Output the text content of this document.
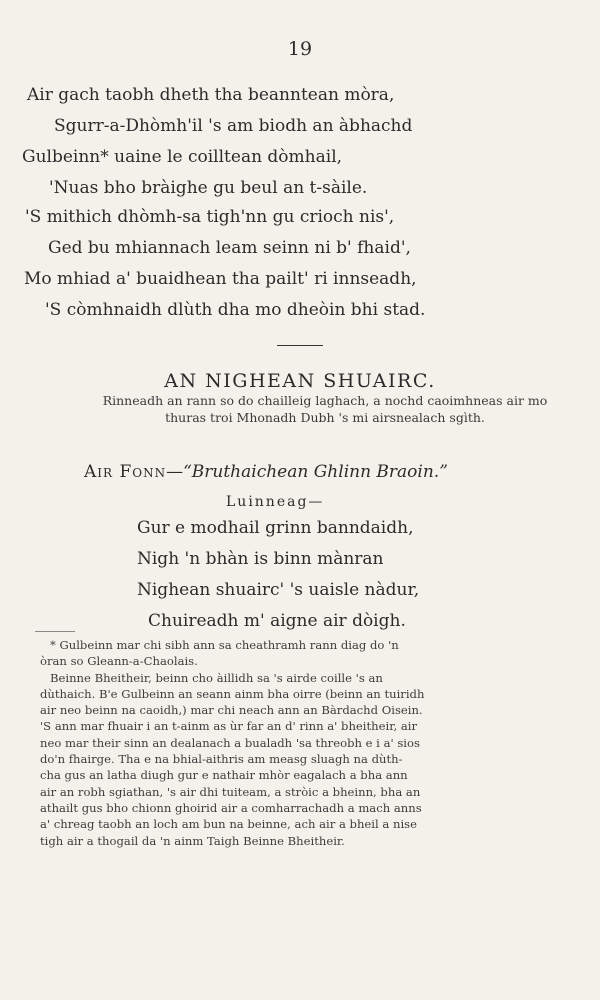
19
Air gach taobh dheth tha beanntean mòra,
Sgurr-a-Dhòmh'il 's am biodh an àbhachd
Gulbeinn* uaine le coilltean dòmhail,
'Nuas bho bràighe gu beul an t-sàile.
'S mithich dhòmh-sa tigh'nn gu crioch nis',
Ged bu mhiannach leam seinn ni b' fhaid',
Mo mhiad a' buaidhean tha pailt' ri innseadh,
'S còmhnaidh dlùth dha mo dheòin bhi stad.
AN NIGHEAN SHUAIRC.
Rinneadh an rann so do chailleig laghach, a nochd caoimhneas air mo thuras troi Mhonadh Dubh 's mi airsnealach sgìth.
Air Fonn—“Bruthaichean Ghlinn Braoin.”
Luinneag—
Gur e modhail grinn banndaidh,
Nigh 'n bhàn is binn mànran
Nighean shuairc' 's uaisle nàdur,
Chuireadh m' aigne air dòigh.
* Gulbeinn mar chi sibh ann sa cheathramh rann diag do 'n
òran so Gleann-a-Chaolais.
Beinne Bheitheir, beinn cho àillidh sa 's airde coille 's an
dùthaich. B'e Gulbeinn an seann ainm bha oirre (beinn an tuiridh
air neo beinn na caoidh,) mar chi neach ann an Bàrdachd Oisein.
'S ann mar fhuair i an t-ainm as ùr far an d' rinn a' bheitheir, air
neo mar their sinn an dealanach a bualadh 'sa threobh e i a' sios
do'n fhairge. Tha e na bhial-aithris am measg sluagh na dùth-
cha gus an latha diugh gur e nathair mhòr eagalach a bha ann
air an robh sgiathan, 's air dhi tuiteam, a stròic a bheinn, bha an
athailt gus bho chionn ghoirid air a comharrachadh a mach anns
a' chreag taobh an loch am bun na beinne, ach air a bheil a nise
tigh air a thogail da 'n ainm Taigh Beinne Bheitheir.
